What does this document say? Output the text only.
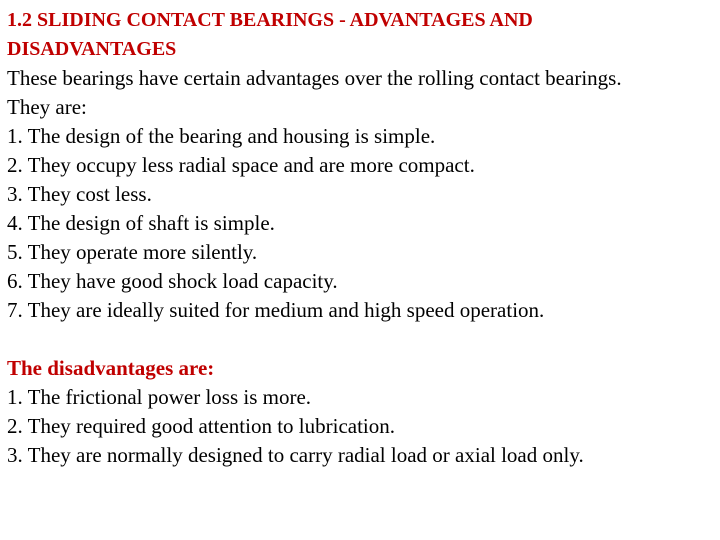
1.2 SLIDING CONTACT BEARINGS - ADVANTAGES AND
DISADVANTAGES
These bearings have certain advantages over the rolling contact bearings.
They are:
1. The design of the bearing and housing is simple.
2. They occupy less radial space and are more compact.
3. They cost less.
4. The design of shaft is simple.
5. They operate more silently.
6. They have good shock load capacity.
7. They are ideally suited for medium and high speed operation.
The disadvantages are:
1. The frictional power loss is more.
2. They required good attention to lubrication.
3. They are normally designed to carry radial load or axial load only.
